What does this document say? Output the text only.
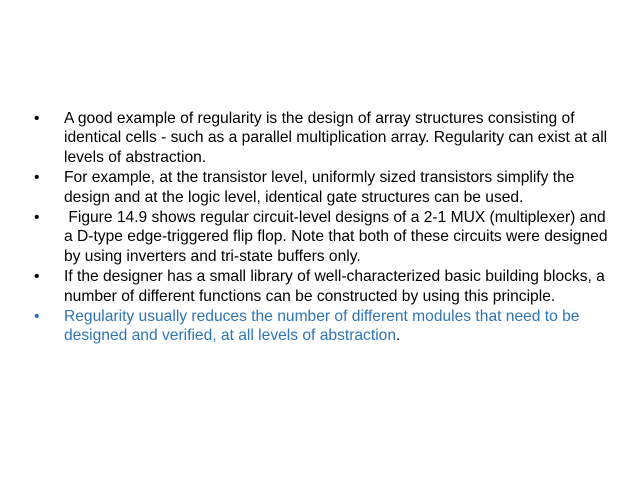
•	A good example of regularity is the design of array structures consisting of identical cells - such as a parallel multiplication array. Regularity can exist at all levels of abstraction.
•	For example, at the transistor level, uniformly sized transistors simplify the design and at the logic level, identical gate structures can be used.
•	Figure 14.9 shows regular circuit-level designs of a 2-1 MUX (multiplexer) and a D-type edge-triggered flip flop. Note that both of these circuits were designed by using inverters and tri-state buffers only.
•	If the designer has a small library of well-characterized basic building blocks, a number of different functions can be constructed by using this principle.
•	Regularity usually reduces the number of different modules that need to be designed and verified, at all levels of abstraction.
